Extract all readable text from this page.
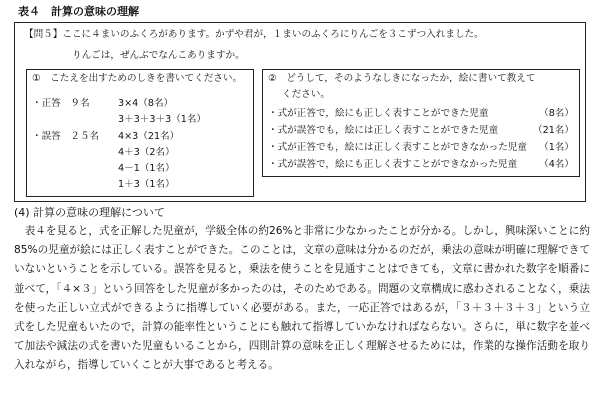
表４　計算の意味の理解
【問５】ここに４まいのふくろがあります。かずや君が，１まいのふくろにりんごを３こずつ入れました。
りんごは，ぜんぶでなんこありますか。
①　こたえを出すためのしきを書いてください。
・正答　９名	3×4（8名）
3＋3＋3＋3（1名）
・誤答　２５名 4×3（21名）
4＋3（2名）
4－1（1名）
1＋3（1名）
②　どうして，そのようなしきになったか，絵に書いて教えて
ください。
・式が正答で，絵にも正しく表すことができた児童	（8名）
・式が誤答でも，絵には正しく表すことができた児童	（21名）
・式が正答でも，絵には正しく表すことができなかった児童	（1名）
・式が誤答で，絵にも正しく表すことができなかった児童	（4名）
(4) 計算の意味の理解について

表４を見ると，式を正解した児童が，学級全体の約26%と非常に少なかったことが分かる。しかし，興味深いことに約85%の児童が絵には正しく表すことができた。このことは，文章の意味は分かるのだが，乗法の意味が明確に理解できていないということを示している。誤答を見ると，乗法を使うことを見通すことはできても，文章に書かれた数字を順番に並べて，「４×３」という回答をした児童が多かったのは，そのためである。問題の文章構成に惑わされることなく，乗法を使った正しい立式ができるように指導していく必要がある。また，一応正答ではあるが，「３＋３＋３＋３」という立式をした児童もいたので，計算の能率性ということにも触れて指導していかなければならない。さらに，単に数字を並べて加法や減法の式を書いた児童もいることから，四則計算の意味を正しく理解させるためには，作業的な操作活動を取り入れながら，指導していくことが大事であると考える。
